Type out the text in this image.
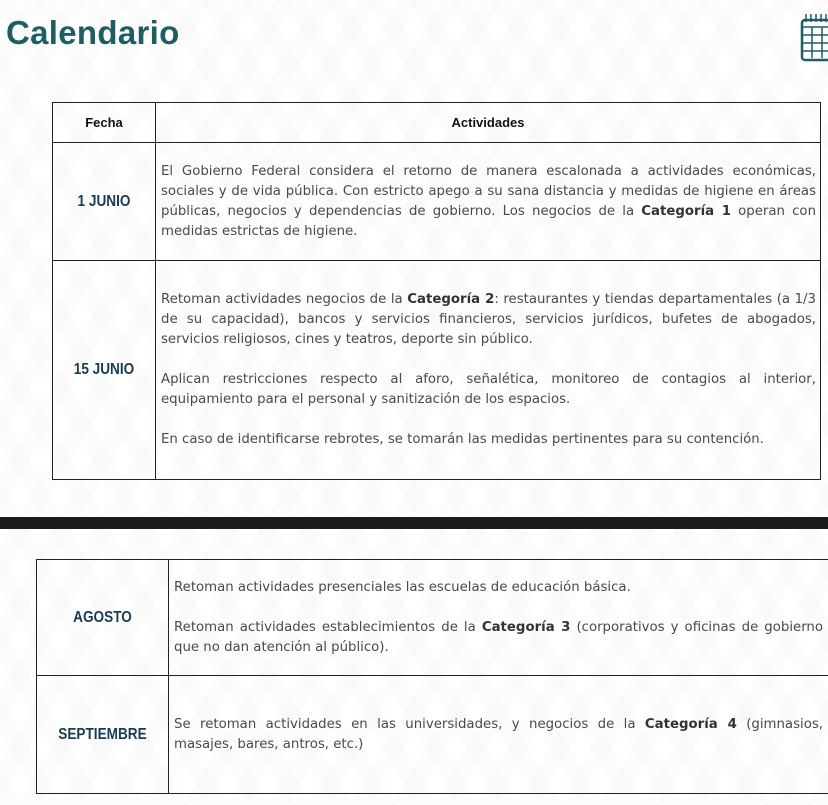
Calendario
Fecha	Actividades

1 JUNIO	El Gobierno Federal considera el retorno de manera escalonada a actividades económicas, sociales y de vida pública. Con estricto apego a su sana distancia y medidas de higiene en áreas públicas, negocios y dependencias de gobierno. Los negocios de la Categoría 1 operan con medidas estrictas de higiene.

15 JUNIO	Retoman actividades negocios de la Categoría 2: restaurantes y tiendas departamentales (a 1/3 de su capacidad), bancos y servicios financieros, servicios jurídicos, bufetes de abogados, servicios religiosos, cines y teatros, deporte sin público.

Aplican restricciones respecto al aforo, señalética, monitoreo de contagios al interior, equipamiento para el personal y sanitización de los espacios.

En caso de identificarse rebrotes, se tomarán las medidas pertinentes para su contención.

AGOSTO	Retoman actividades presenciales las escuelas de educación básica.

Retoman actividades establecimientos de la Categoría 3 (corporativos y oficinas de gobierno que no dan atención al público).

SEPTIEMBRE	Se retoman actividades en las universidades, y negocios de la Categoría 4 (gimnasios, masajes, bares, antros, etc.)
